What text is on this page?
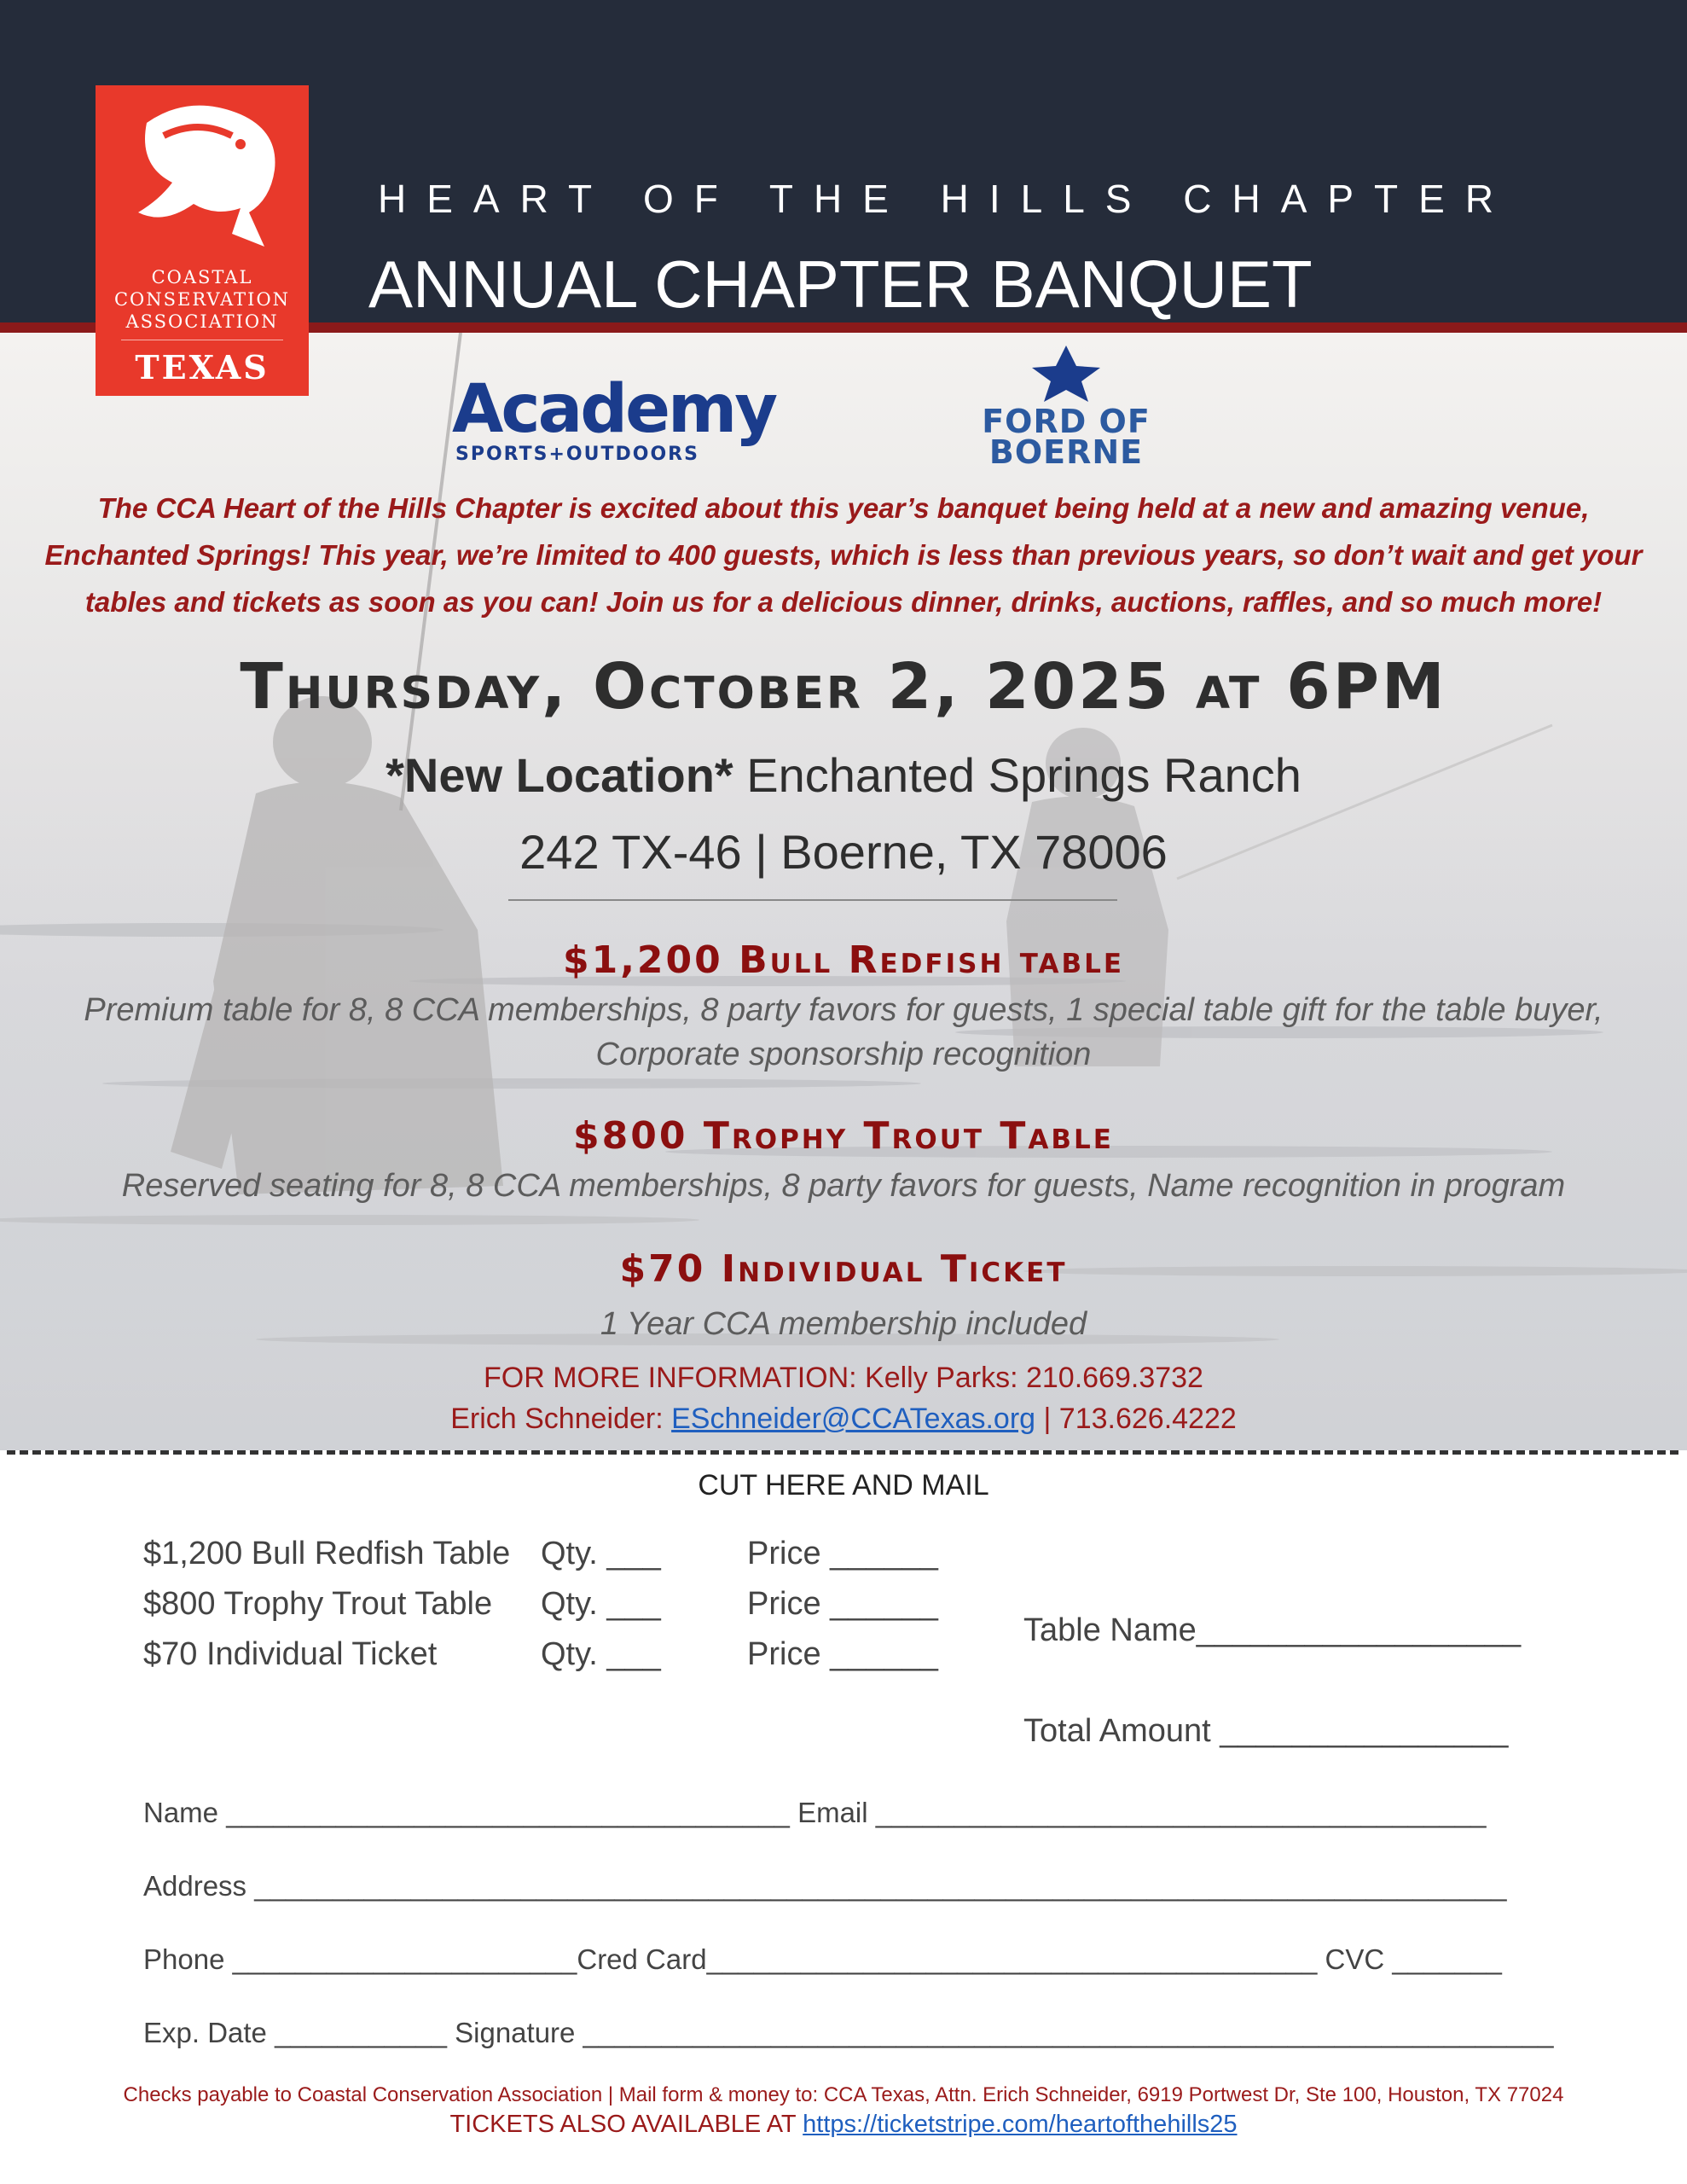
COASTAL
CONSERVATION
ASSOCIATION
TEXAS
HEART OF THE HILLS CHAPTER
ANNUAL CHAPTER BANQUET
Academy
SPORTS+OUTDOORS
FORD OF
BOERNE
The CCA Heart of the Hills Chapter is excited about this year’s banquet being held at a new and amazing venue, Enchanted Springs! This year, we’re limited to 400 guests, which is less than previous years, so don’t wait and get your tables and tickets as soon as you can! Join us for a delicious dinner, drinks, auctions, raffles, and so much more!
Thursday, October 2, 2025 at 6PM
*New Location* Enchanted Springs Ranch
242 TX-46 | Boerne, TX 78006
$1,200 Bull Redfish table
Premium table for 8, 8 CCA memberships, 8 party favors for guests, 1 special table gift for the table buyer, Corporate sponsorship recognition
$800 Trophy Trout Table
Reserved seating for 8, 8 CCA memberships, 8 party favors for guests, Name recognition in program
$70 Individual Ticket
1 Year CCA membership included
FOR MORE INFORMATION: Kelly Parks: 210.669.3732
Erich Schneider: ESchneider@CCATexas.org | 713.626.4222
CUT HERE AND MAIL
$1,200 Bull Redfish Table Qty. ___	Price ______
$800 Trophy Trout Table Qty. ___	Price ______
$70 Individual Ticket	Qty. ___	Price ______
Table Name__________________
Total Amount ________________
Name ____________________________________ Email _______________________________________
Address ________________________________________________________________________________
Phone ______________________Cred Card_______________________________________ CVC _______
Exp. Date ___________ Signature ______________________________________________________________
Checks payable to Coastal Conservation Association | Mail form & money to: CCA Texas, Attn. Erich Schneider, 6919 Portwest Dr, Ste 100, Houston, TX 77024
TICKETS ALSO AVAILABLE AT https://ticketstripe.com/heartofthehills25
